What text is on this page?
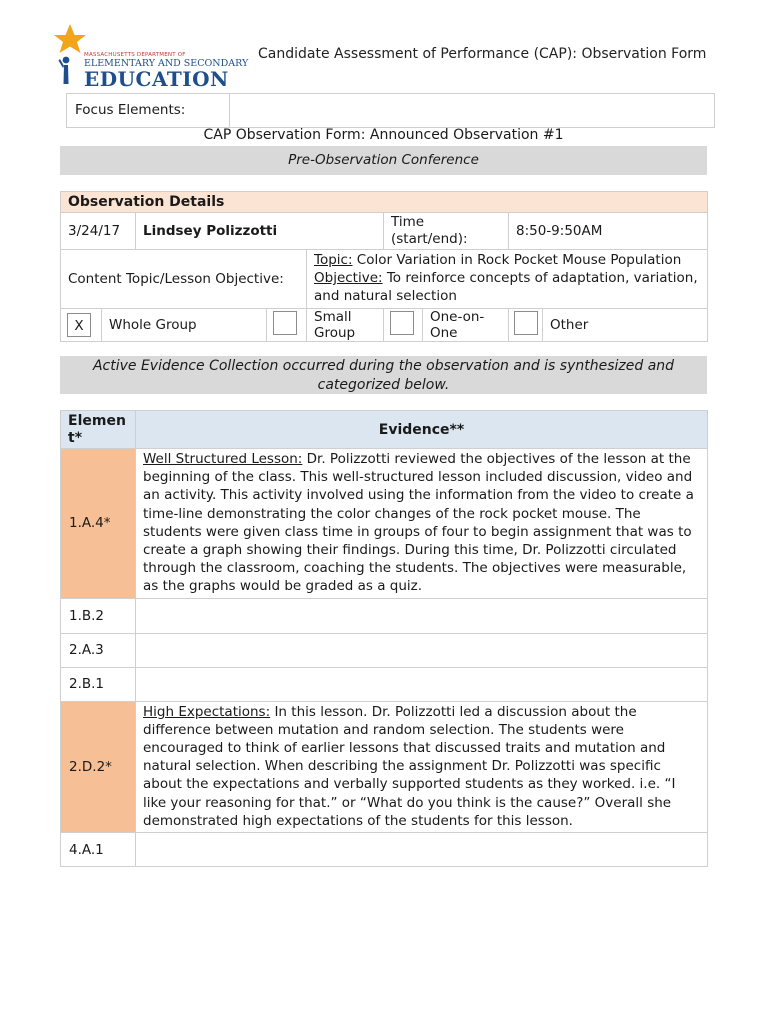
MASSACHUSETTS DEPARTMENT OF
ELEMENTARY AND SECONDARY
EDUCATION
Candidate Assessment of Performance (CAP): Observation Form
Focus Elements:
CAP Observation Form: Announced Observation #1
Pre-Observation Conference
Observation Details								
3/24/17		Lindsey Polizzotti			Time (start/end):		8:50-9:50AM	
Content Topic/Lesson Objective:				Topic: Color Variation in Rock Pocket Mouse Population
Objective: To reinforce concepts of adaptation, variation, and natural selection				
X	Whole Group			Small Group		One-on-One		Other
Active Evidence Collection occurred during the observation and is synthesized and categorized below.
Element*	Evidence**
1.A.4*	Well Structured Lesson: Dr. Polizzotti reviewed the objectives of the lesson at the beginning of the class. This well-structured lesson included discussion, video and an activity. This activity involved using the information from the video to create a time-line demonstrating the color changes of the rock pocket mouse. The students were given class time in groups of four to begin assignment that was to create a graph showing their findings. During this time, Dr. Polizzotti circulated through the classroom, coaching the students. The objectives were measurable, as the graphs would be graded as a quiz.
1.B.2	
2.A.3	
2.B.1	
2.D.2*	High Expectations: In this lesson. Dr. Polizzotti led a discussion about the difference between mutation and random selection. The students were encouraged to think of earlier lessons that discussed traits and mutation and natural selection. When describing the assignment Dr. Polizzotti was specific about the expectations and verbally supported students as they worked. i.e. “I like your reasoning for that.” or “What do you think is the cause?” Overall she demonstrated high expectations of the students for this lesson.
4.A.1	
